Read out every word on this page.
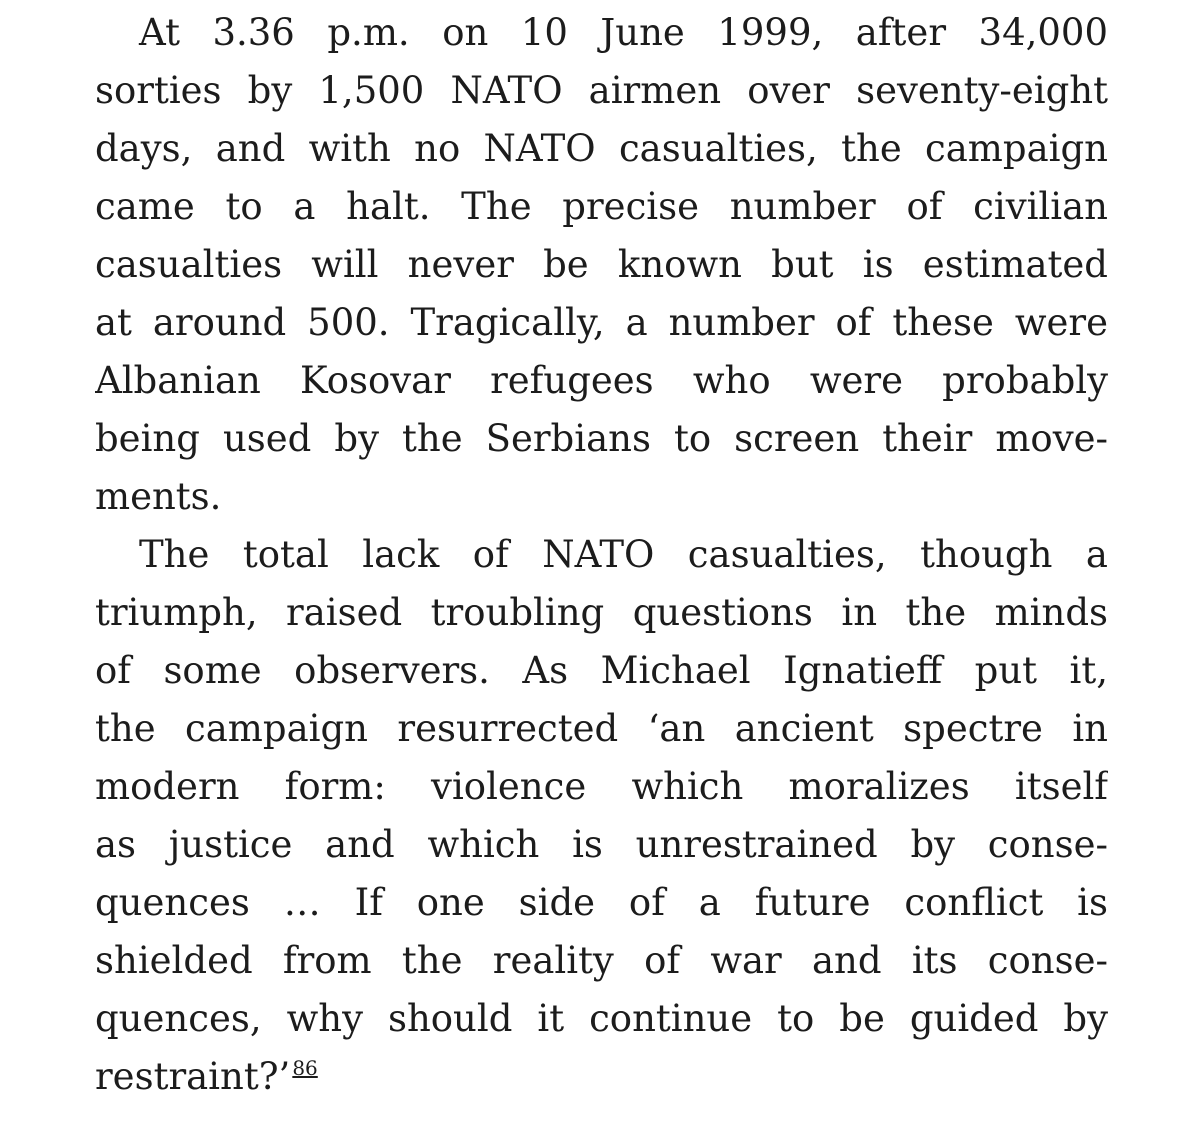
At 3.36 p.m. on 10 June 1999, after 34,000
sorties by 1,500 NATO airmen over seventy-eight
days, and with no NATO casualties, the campaign
came to a halt. The precise number of civilian
casualties will never be known but is estimated
at around 500. Tragically, a number of these were
Albanian Kosovar refugees who were probably
being used by the Serbians to screen their move-
ments.
The total lack of NATO casualties, though a
triumph, raised troubling questions in the minds
of some observers. As Michael Ignatieff put it,
the campaign resurrected ‘an ancient spectre in
modern form: violence which moralizes itself
as justice and which is unrestrained by conse-
quences … If one side of a future conflict is
shielded from the reality of war and its conse-
quences, why should it continue to be guided by
restraint?’ $^{86}$
